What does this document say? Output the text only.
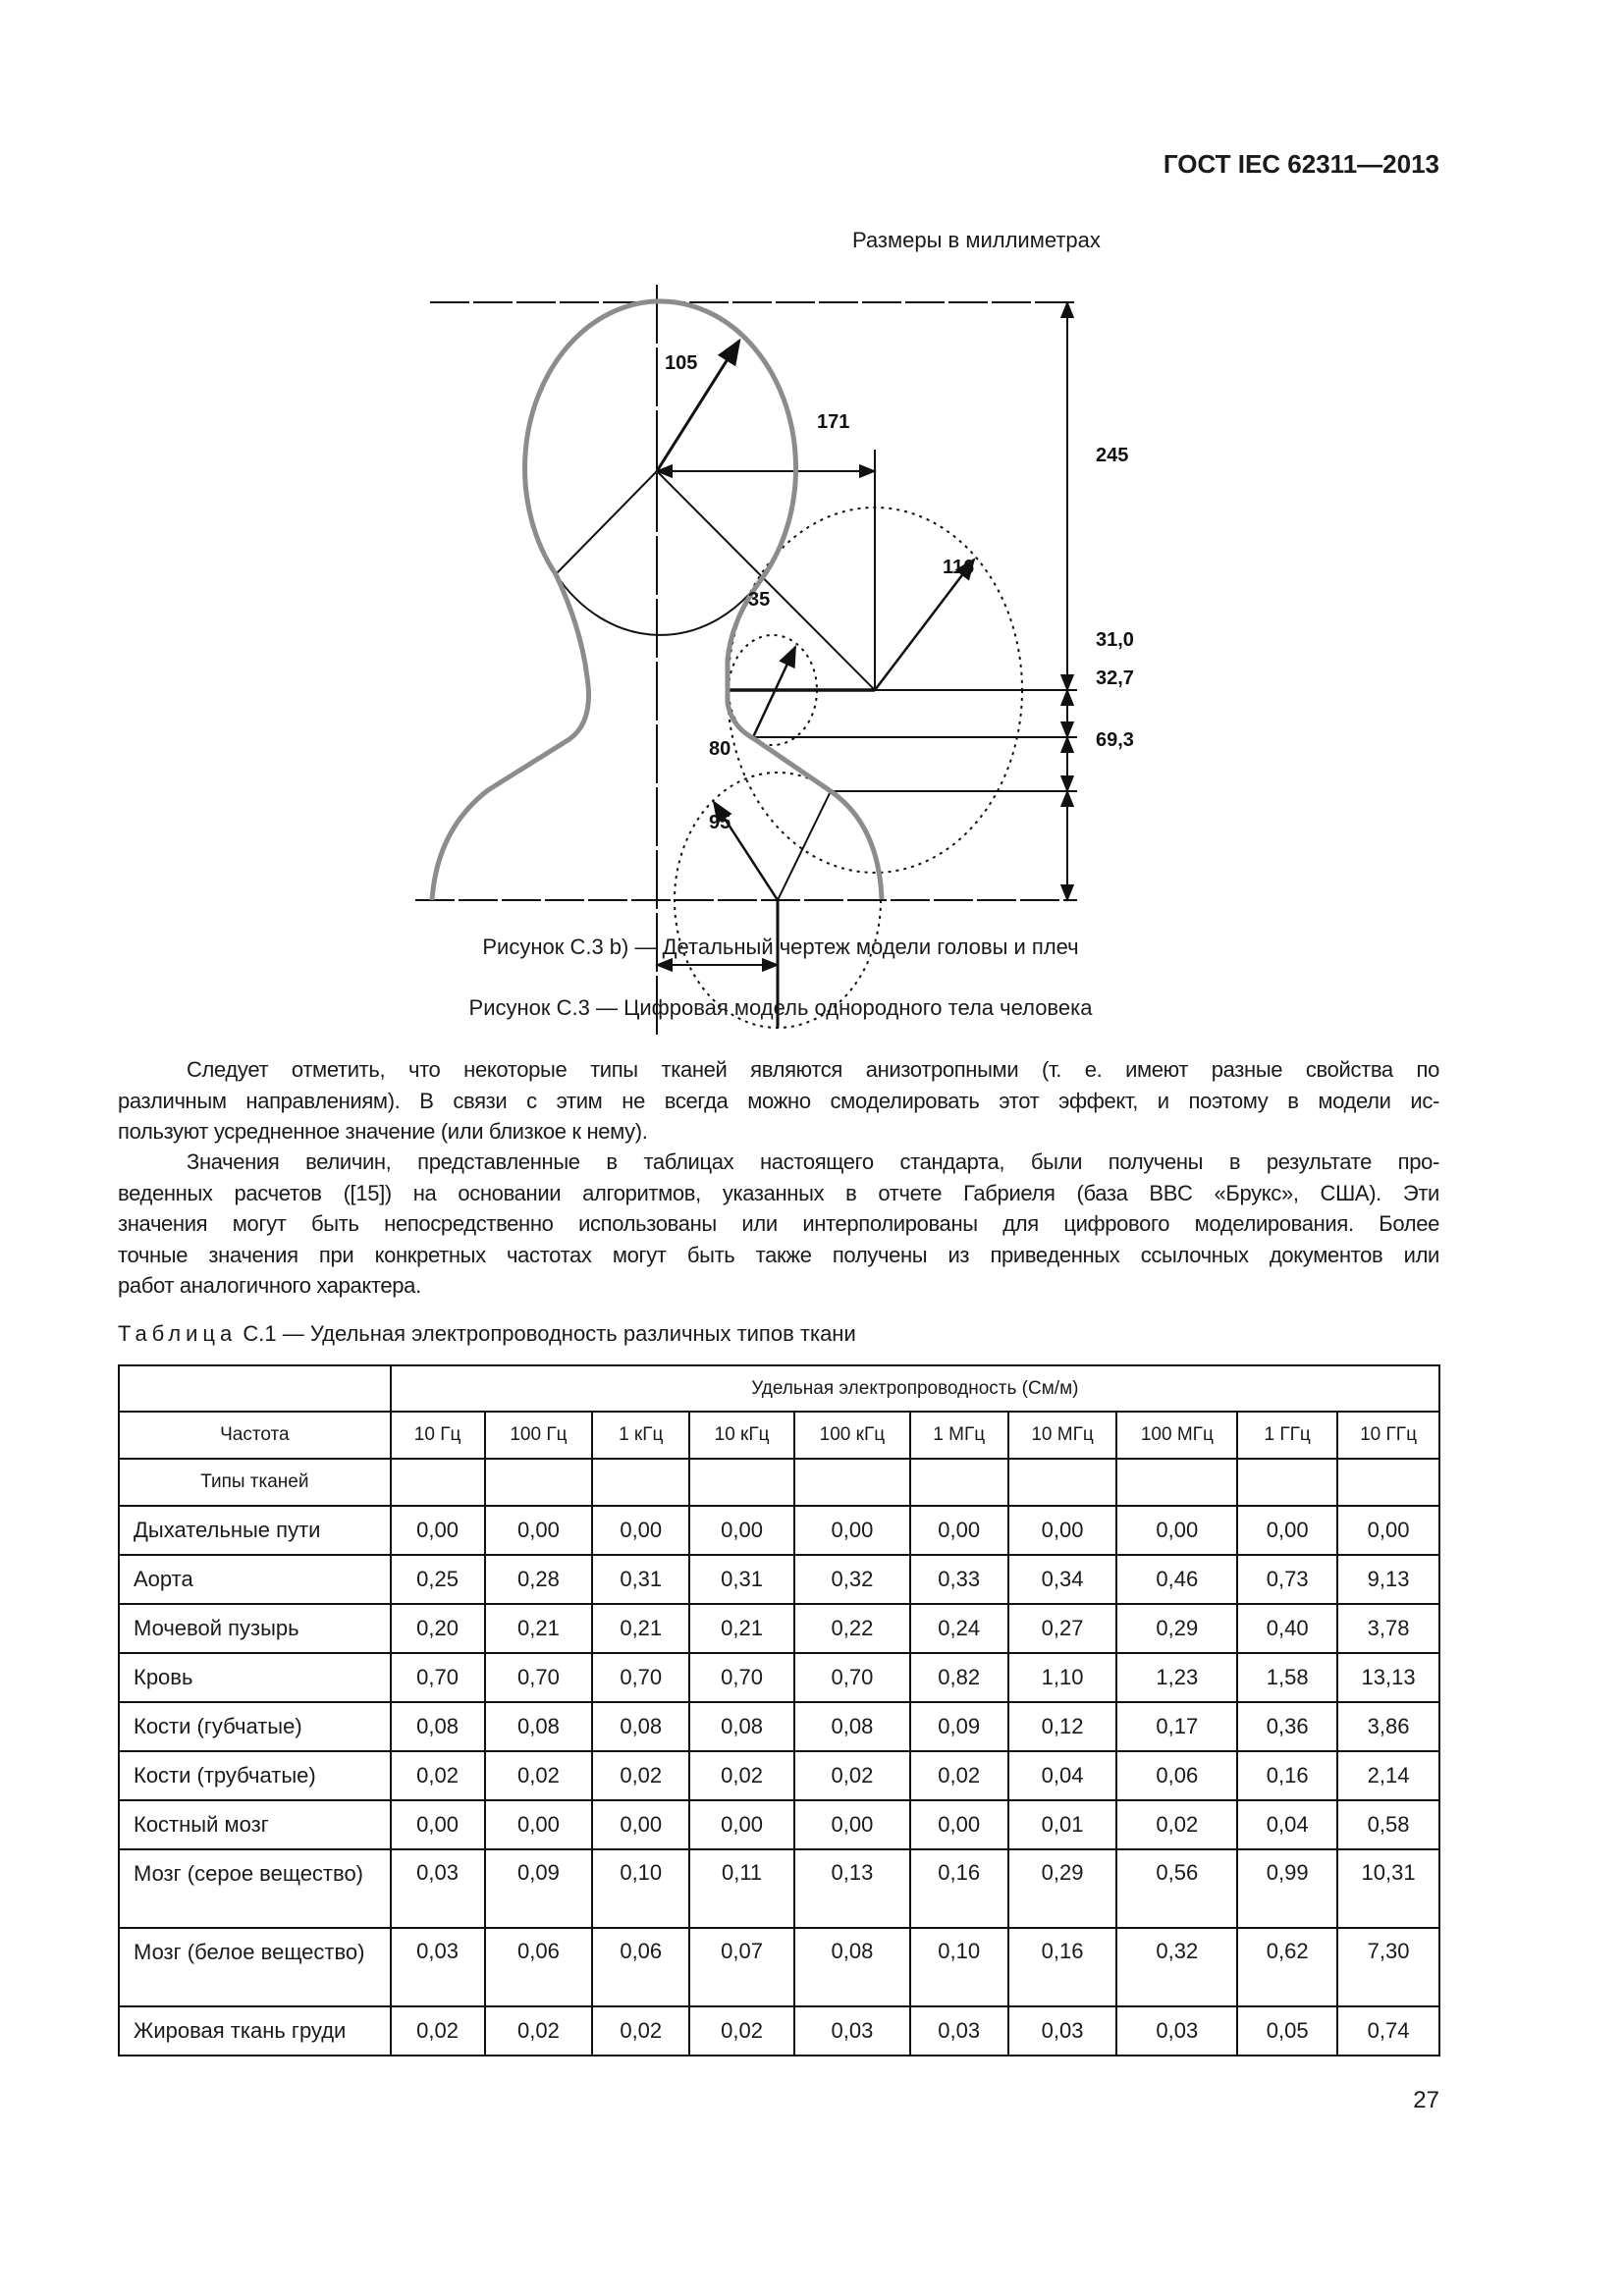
ГОСТ IEC 62311—2013
Размеры в миллиметрах
105
171
116
35
80
95
245
31,0
32,7
69,3
Рисунок С.3 b) — Детальный чертеж модели головы и плеч
Рисунок С.3 — Цифровая модель однородного тела человека
Следует отметить, что некоторые типы тканей являются анизотропными (т. е. имеют разные свойства по
различным направлениям). В связи с этим не всегда можно смоделировать этот эффект, и поэтому в модели ис-
пользуют усредненное значение (или близкое к нему).
Значения величин, представленные в таблицах настоящего стандарта, были получены в результате про-
веденных расчетов ([15]) на основании алгоритмов, указанных в отчете Габриеля (база BBC «Брукс», США). Эти
значения могут быть непосредственно использованы или интерполированы для цифрового моделирования. Более
точные значения при конкретных частотах могут быть также получены из приведенных ссылочных документов или
работ аналогичного характера.
Таблица С.1 — Удельная электропроводность различных типов ткани
	Удельная электропроводность (См/м)									
Частота	10 Гц	100 Гц	1 кГц	10 кГц	100 кГц	1 МГц	10 МГц	100 МГц	1 ГГц	10 ГГц
Типы тканей										
Дыхательные пути	0,00	0,00	0,00	0,00	0,00	0,00	0,00	0,00	0,00	0,00
Аорта	0,25	0,28	0,31	0,31	0,32	0,33	0,34	0,46	0,73	9,13
Мочевой пузырь	0,20	0,21	0,21	0,21	0,22	0,24	0,27	0,29	0,40	3,78
Кровь	0,70	0,70	0,70	0,70	0,70	0,82	1,10	1,23	1,58	13,13
Кости (губчатые)	0,08	0,08	0,08	0,08	0,08	0,09	0,12	0,17	0,36	3,86
Кости (трубчатые)	0,02	0,02	0,02	0,02	0,02	0,02	0,04	0,06	0,16	2,14
Костный мозг	0,00	0,00	0,00	0,00	0,00	0,00	0,01	0,02	0,04	0,58
Мозг (серое вещество)	0,03	0,09	0,10	0,11	0,13	0,16	0,29	0,56	0,99	10,31
Мозг (белое вещество)	0,03	0,06	0,06	0,07	0,08	0,10	0,16	0,32	0,62	7,30
Жировая ткань груди	0,02	0,02	0,02	0,02	0,03	0,03	0,03	0,03	0,05	0,74
27
